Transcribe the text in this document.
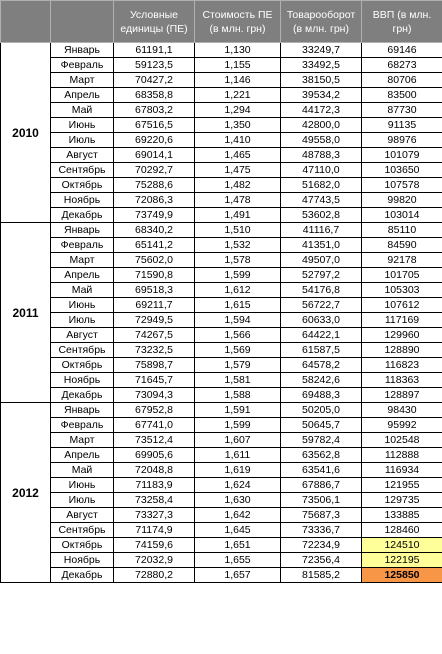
		Условные единицы (ПЕ)	Стоимость ПЕ (в млн. грн)	Товарооборот (в млн. грн)	ВВП (в млн. грн)
2010	Январь	61191,1	1,130	33249,7	69146
	Февраль	59123,5	1,155	33492,5	68273
	Март	70427,2	1,146	38150,5	80706
	Апрель	68358,8	1,221	39534,2	83500
	Май	67803,2	1,294	44172,3	87730
	Июнь	67516,5	1,350	42800,0	91135
	Июль	69220,6	1,410	49558,0	98976
	Август	69014,1	1,465	48788,3	101079
	Сентябрь	70292,7	1,475	47110,0	103650
	Октябрь	75288,6	1,482	51682,0	107578
	Ноябрь	72086,3	1,478	47743,5	99820
	Декабрь	73749,9	1,491	53602,8	103014
2011	Январь	68340,2	1,510	41116,7	85110
	Февраль	65141,2	1,532	41351,0	84590
	Март	75602,0	1,578	49507,0	92178
	Апрель	71590,8	1,599	52797,2	101705
	Май	69518,3	1,612	54176,8	105303
	Июнь	69211,7	1,615	56722,7	107612
	Июль	72949,5	1,594	60633,0	117169
	Август	74267,5	1,566	64422,1	129960
	Сентябрь	73232,5	1,569	61587,5	128890
	Октябрь	75898,7	1,579	64578,2	116823
	Ноябрь	71645,7	1,581	58242,6	118363
	Декабрь	73094,3	1,588	69488,3	128897
2012	Январь	67952,8	1,591	50205,0	98430
	Февраль	67741,0	1,599	50645,7	95992
	Март	73512,4	1,607	59782,4	102548
	Апрель	69905,6	1,611	63562,8	112888
	Май	72048,8	1,619	63541,6	116934
	Июнь	71183,9	1,624	67886,7	121955
	Июль	73258,4	1,630	73506,1	129735
	Август	73327,3	1,642	75687,3	133885
	Сентябрь	71174,9	1,645	73336,7	128460
	Октябрь	74159,6	1,651	72234,9	124510
	Ноябрь	72032,9	1,655	72356,4	122195
	Декабрь	72880,2	1,657	81585,2	125850
